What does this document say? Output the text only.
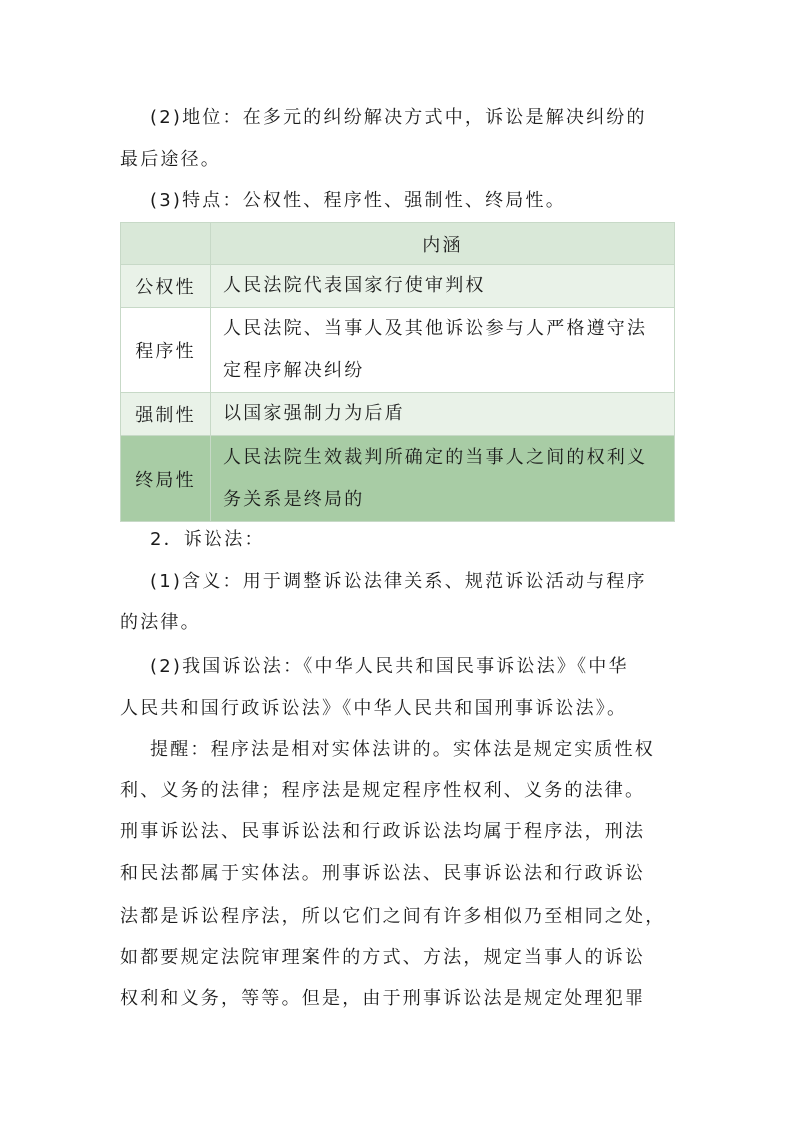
(2)地位：在多元的纠纷解决方式中，诉讼是解决纠纷的
最后途径。
(3)特点：公权性、程序性、强制性、终局性。
	内涵
公权性	人民法院代表国家行使审判权

程序性	人民法院、当事人及其他诉讼参与人严格遵守法
定程序解决纠纷

强制性	以国家强制力为后盾

终局性	人民法院生效裁判所确定的当事人之间的权利义
务关系是终局的
2．诉讼法：
(1)含义：用于调整诉讼法律关系、规范诉讼活动与程序
的法律。
(2)我国诉讼法：《中华人民共和国民事诉讼法》《中华
人民共和国行政诉讼法》《中华人民共和国刑事诉讼法》。
提醒：程序法是相对实体法讲的。实体法是规定实质性权
利、义务的法律；程序法是规定程序性权利、义务的法律。
刑事诉讼法、民事诉讼法和行政诉讼法均属于程序法，刑法
和民法都属于实体法。刑事诉讼法、民事诉讼法和行政诉讼
法都是诉讼程序法，所以它们之间有许多相似乃至相同之处，
如都要规定法院审理案件的方式、方法，规定当事人的诉讼
权利和义务，等等。但是，由于刑事诉讼法是规定处理犯罪
